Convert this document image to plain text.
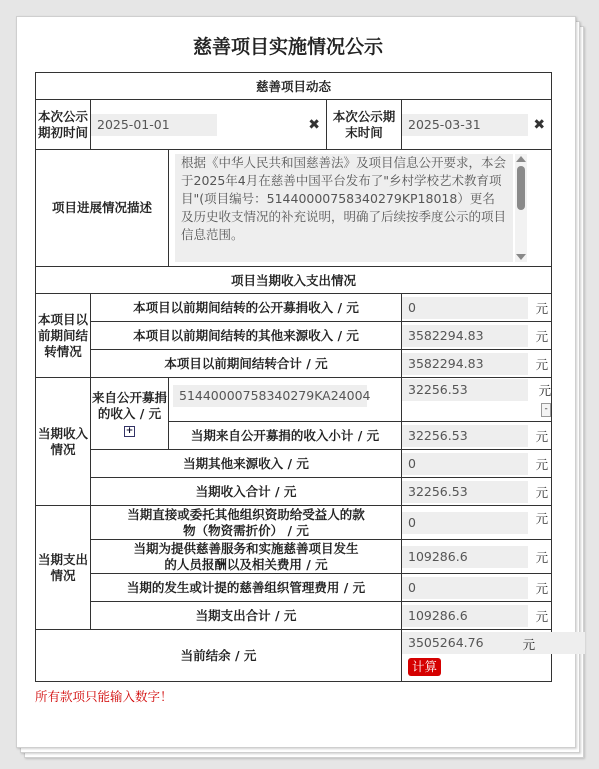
慈善项目实施情况公示
慈善项目动态				
本次公示期初时间	2025-01-01 ✖		本次公示期末时间	2025-03-31 ✖

项目进展情况描述		根据《中华人民共和国慈善法》及项目信息公开要求，本会于2025年4月在慈善中国平台发布了"乡村学校艺术教育项目"(项目编号：51440000758340279KP18018）更名及历史收支情况的补充说明，明确了后续按季度公示的项目信息范围。		

项目当期收入支出情况				
本项目以前期间结转情况	本项目以前期间结转的公开募捐收入 / 元			0 元

	本项目以前期间结转的其他来源收入 / 元			3582294.83 元

	本项目以前期间结转合计 / 元			3582294.83 元

当期收入情况	来自公开募捐的收入 / 元 +	51440000758340279KA24004		32256.53 元
-

		当期来自公开募捐的收入小计 / 元		32256.53 元

	当期其他来源收入 / 元			0 元

	当期收入合计 / 元			32256.53 元

当期支出情况	当期直接或委托其他组织资助给受益人的款物（物资需折价） / 元			0 元

	当期为提供慈善服务和实施慈善项目发生的人员报酬以及相关费用 / 元			109286.6 元

	当期的发生或计提的慈善组织管理费用 / 元			0 元

	当期支出合计 / 元			109286.6 元

当前结余 / 元				3505264.76 元
计算
所有款项只能输入数字！
